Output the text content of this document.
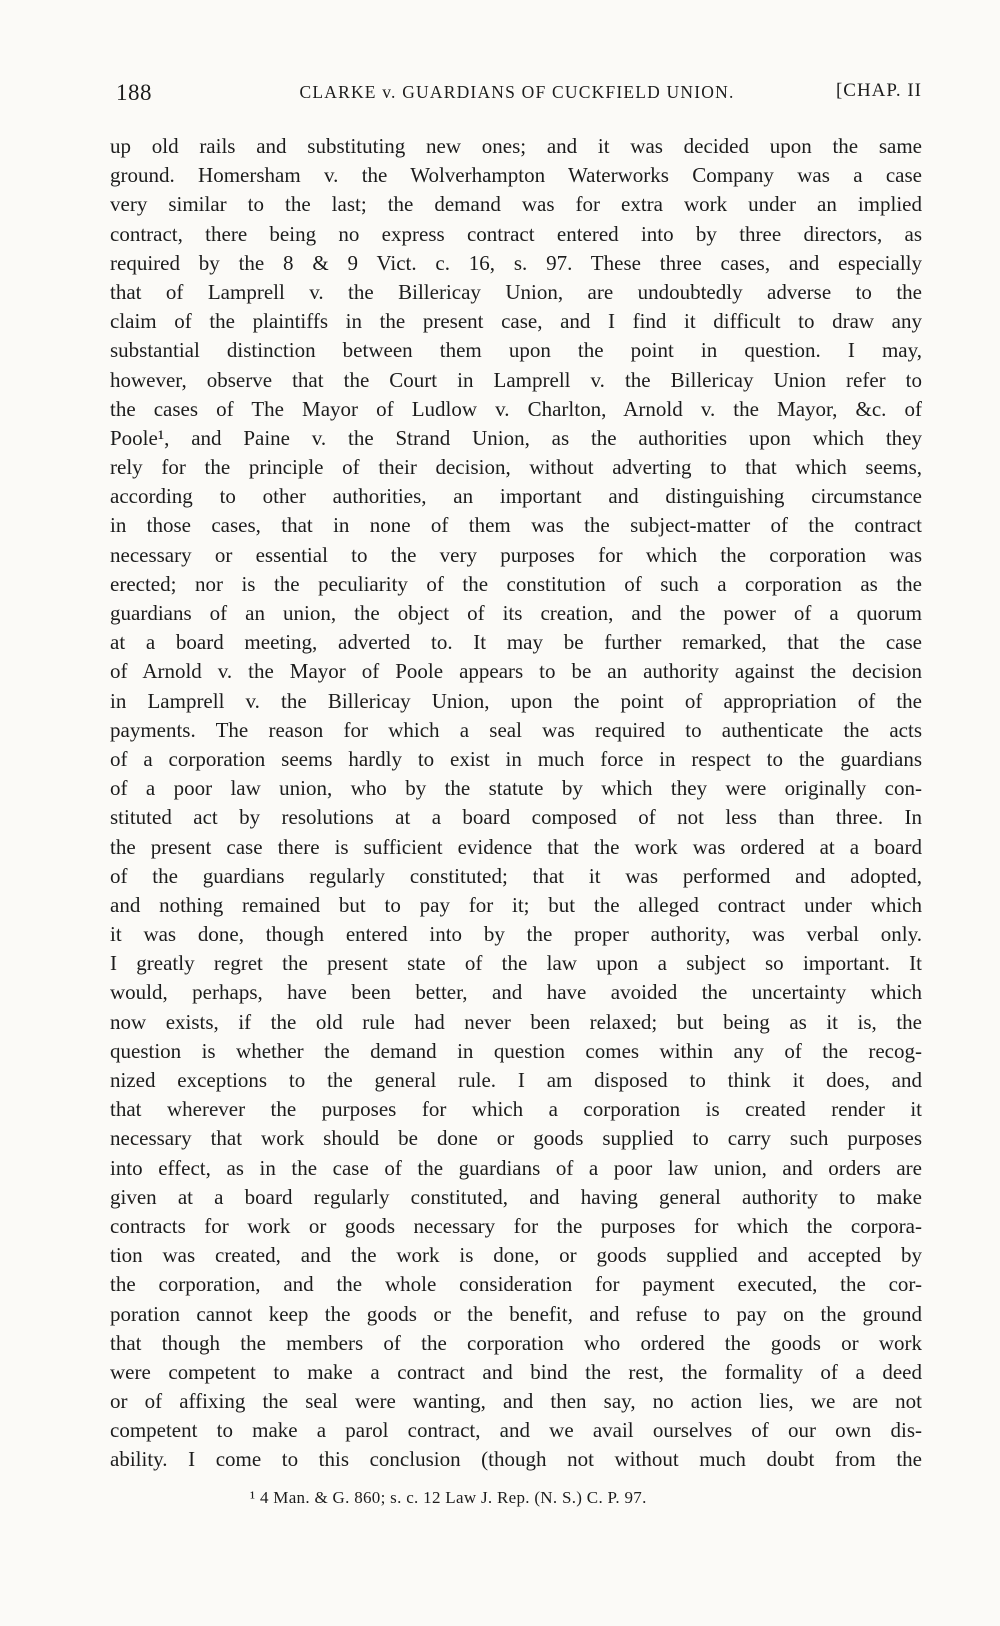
188	CLARKE v. GUARDIANS OF CUCKFIELD UNION.	[CHAP. II
up old rails and substituting new ones; and it was decided upon the same
ground. Homersham v. the Wolverhampton Waterworks Company was a case
very similar to the last; the demand was for extra work under an implied
contract, there being no express contract entered into by three directors, as
required by the 8 & 9 Vict. c. 16, s. 97. These three cases, and especially
that of Lamprell v. the Billericay Union, are undoubtedly adverse to the
claim of the plaintiffs in the present case, and I find it difficult to draw any
substantial distinction between them upon the point in question. I may,
however, observe that the Court in Lamprell v. the Billericay Union refer to
the cases of The Mayor of Ludlow v. Charlton, Arnold v. the Mayor, &c. of
Poole¹, and Paine v. the Strand Union, as the authorities upon which they
rely for the principle of their decision, without adverting to that which seems,
according to other authorities, an important and distinguishing circumstance
in those cases, that in none of them was the subject-matter of the contract
necessary or essential to the very purposes for which the corporation was
erected; nor is the peculiarity of the constitution of such a corporation as the
guardians of an union, the object of its creation, and the power of a quorum
at a board meeting, adverted to. It may be further remarked, that the case
of Arnold v. the Mayor of Poole appears to be an authority against the decision
in Lamprell v. the Billericay Union, upon the point of appropriation of the
payments. The reason for which a seal was required to authenticate the acts
of a corporation seems hardly to exist in much force in respect to the guardians
of a poor law union, who by the statute by which they were originally con-
stituted act by resolutions at a board composed of not less than three. In
the present case there is sufficient evidence that the work was ordered at a board
of the guardians regularly constituted; that it was performed and adopted,
and nothing remained but to pay for it; but the alleged contract under which
it was done, though entered into by the proper authority, was verbal only.
I greatly regret the present state of the law upon a subject so important. It
would, perhaps, have been better, and have avoided the uncertainty which
now exists, if the old rule had never been relaxed; but being as it is, the
question is whether the demand in question comes within any of the recog-
nized exceptions to the general rule. I am disposed to think it does, and
that wherever the purposes for which a corporation is created render it
necessary that work should be done or goods supplied to carry such purposes
into effect, as in the case of the guardians of a poor law union, and orders are
given at a board regularly constituted, and having general authority to make
contracts for work or goods necessary for the purposes for which the corpora-
tion was created, and the work is done, or goods supplied and accepted by
the corporation, and the whole consideration for payment executed, the cor-
poration cannot keep the goods or the benefit, and refuse to pay on the ground
that though the members of the corporation who ordered the goods or work
were competent to make a contract and bind the rest, the formality of a deed
or of affixing the seal were wanting, and then say, no action lies, we are not
competent to make a parol contract, and we avail ourselves of our own dis-
ability. I come to this conclusion (though not without much doubt from the
¹ 4 Man. & G. 860; s. c. 12 Law J. Rep. (N. S.) C. P. 97.
